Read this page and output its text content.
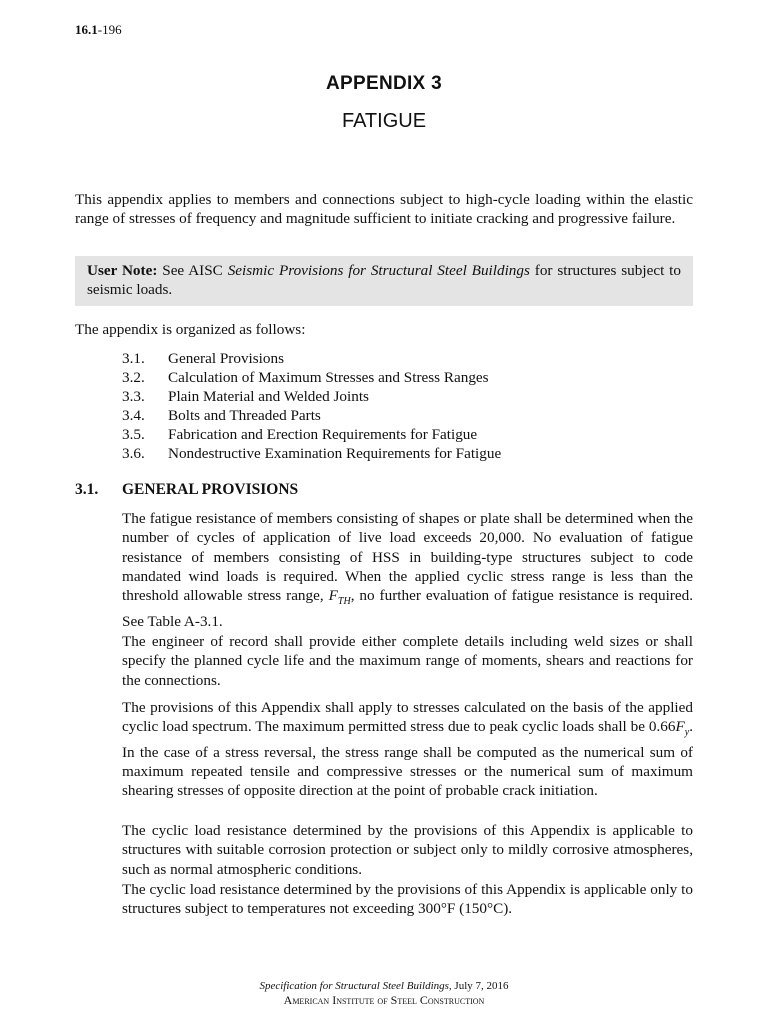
16.1-196
APPENDIX 3
FATIGUE

This appendix applies to members and connections subject to high-cycle loading within the elastic range of stresses of frequency and magnitude sufficient to initiate cracking and progressive failure.

User Note: See AISC Seismic Provisions for Structural Steel Buildings for structures subject to seismic loads.

The appendix is organized as follows:

3.1.	General Provisions
3.2.	Calculation of Maximum Stresses and Stress Ranges
3.3.	Plain Material and Welded Joints
3.4.	Bolts and Threaded Parts
3.5.	Fabrication and Erection Requirements for Fatigue
3.6.	Nondestructive Examination Requirements for Fatigue
3.1. GENERAL PROVISIONS

The fatigue resistance of members consisting of shapes or plate shall be determined when the number of cycles of application of live load exceeds 20,000. No evaluation of fatigue resistance of members consisting of HSS in building-type structures subject to code mandated wind loads is required. When the applied cyclic stress range is less than the threshold allowable stress range, $F_{TH}$, no further evaluation of fatigue resistance is required. See Table A-3.1.

The engineer of record shall provide either complete details including weld sizes or shall specify the planned cycle life and the maximum range of moments, shears and reactions for the connections.

The provisions of this Appendix shall apply to stresses calculated on the basis of the applied cyclic load spectrum. The maximum permitted stress due to peak cyclic loads shall be $0.66F_y$. In the case of a stress reversal, the stress range shall be computed as the numerical sum of maximum repeated tensile and compressive stresses or the numerical sum of maximum shearing stresses of opposite direction at the point of probable crack initiation.

The cyclic load resistance determined by the provisions of this Appendix is applicable to structures with suitable corrosion protection or subject only to mildly corrosive atmospheres, such as normal atmospheric conditions.

The cyclic load resistance determined by the provisions of this Appendix is applicable only to structures subject to temperatures not exceeding 300°F (150°C).

Specification for Structural Steel Buildings, July 7, 2016
American Institute of Steel Construction
